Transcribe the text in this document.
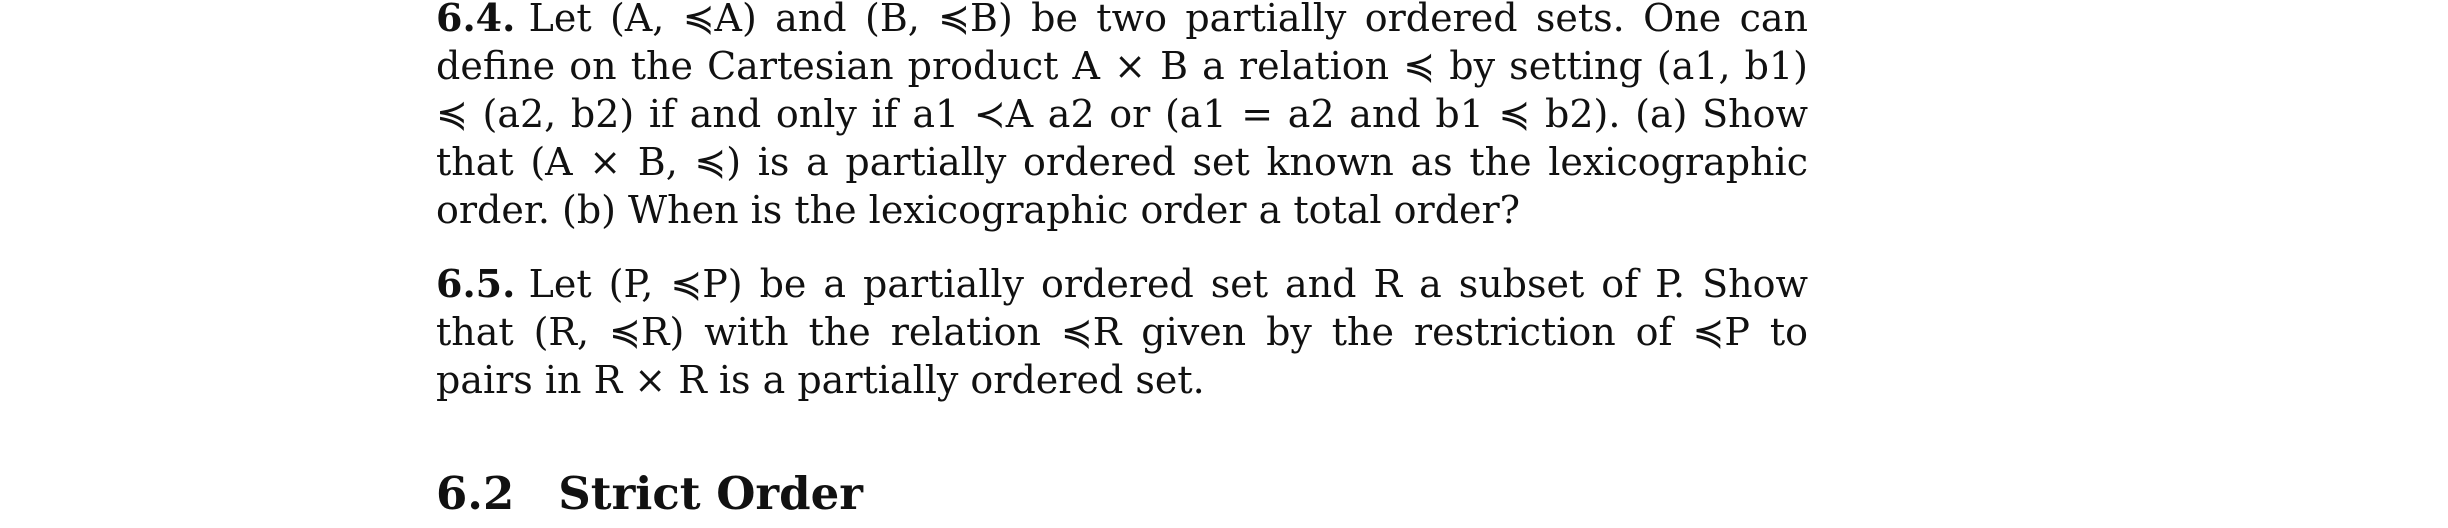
6.4. Let (A, ≼A) and (B, ≼B) be two partially ordered sets. One can define on the Cartesian product A × B a relation ≼ by setting (a1, b1) ≼ (a2, b2) if and only if a1 ≺A a2 or (a1 = a2 and b1 ≼ b2). (a) Show that (A × B, ≼) is a partially ordered set known as the lexicographic order. (b) When is the lexicographic order a total order?

6.5. Let (P, ≼P) be a partially ordered set and R a subset of P. Show that (R, ≼R) with the relation ≼R given by the restriction of ≼P to pairs in R × R is a partially ordered set.

6.2 Strict Order
